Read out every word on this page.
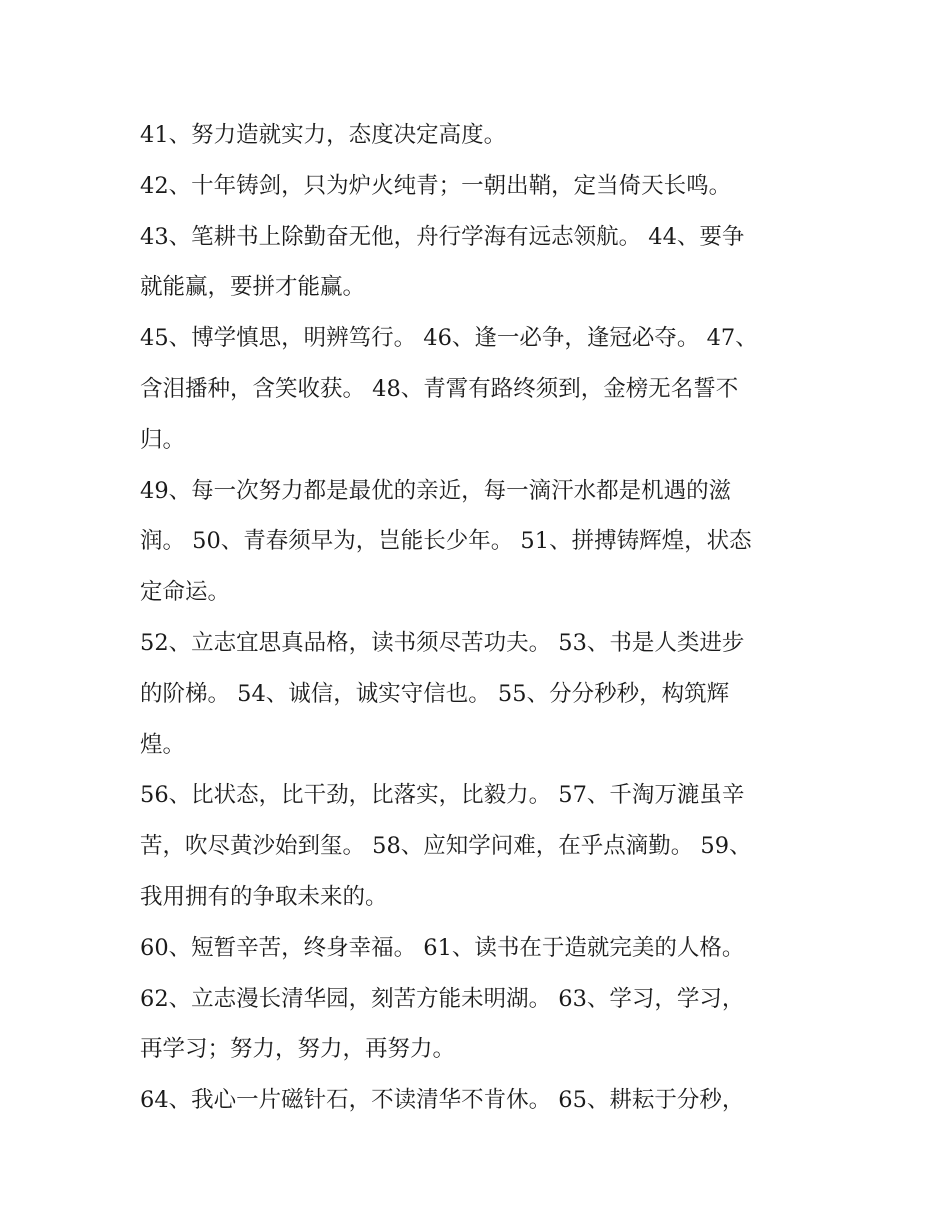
41、努力造就实力，态度决定高度。

42、十年铸剑，只为炉火纯青；一朝出鞘，定当倚天长鸣。

43、笔耕书上除勤奋无他，舟行学海有远志领航。 44、要争

就能赢，要拼才能赢。

45、博学慎思，明辨笃行。 46、逢一必争，逢冠必夺。 47、

含泪播种，含笑收获。 48、青霄有路终须到，金榜无名誓不

归。

49、每一次努力都是最优的亲近，每一滴汗水都是机遇的滋

润。 50、青春须早为，岂能长少年。 51、拼搏铸辉煌，状态

定命运。

52、立志宜思真品格，读书须尽苦功夫。 53、书是人类进步

的阶梯。 54、诚信，诚实守信也。 55、分分秒秒，构筑辉

煌。

56、比状态，比干劲，比落实，比毅力。 57、千淘万漉虽辛

苦，吹尽黄沙始到玺。 58、应知学问难，在乎点滴勤。 59、

我用拥有的争取未来的。

60、短暂辛苦，终身幸福。 61、读书在于造就完美的人格。

62、立志漫长清华园，刻苦方能未明湖。 63、学习，学习，

再学习；努力，努力，再努力。

64、我心一片磁针石，不读清华不肯休。 65、耕耘于分秒，
